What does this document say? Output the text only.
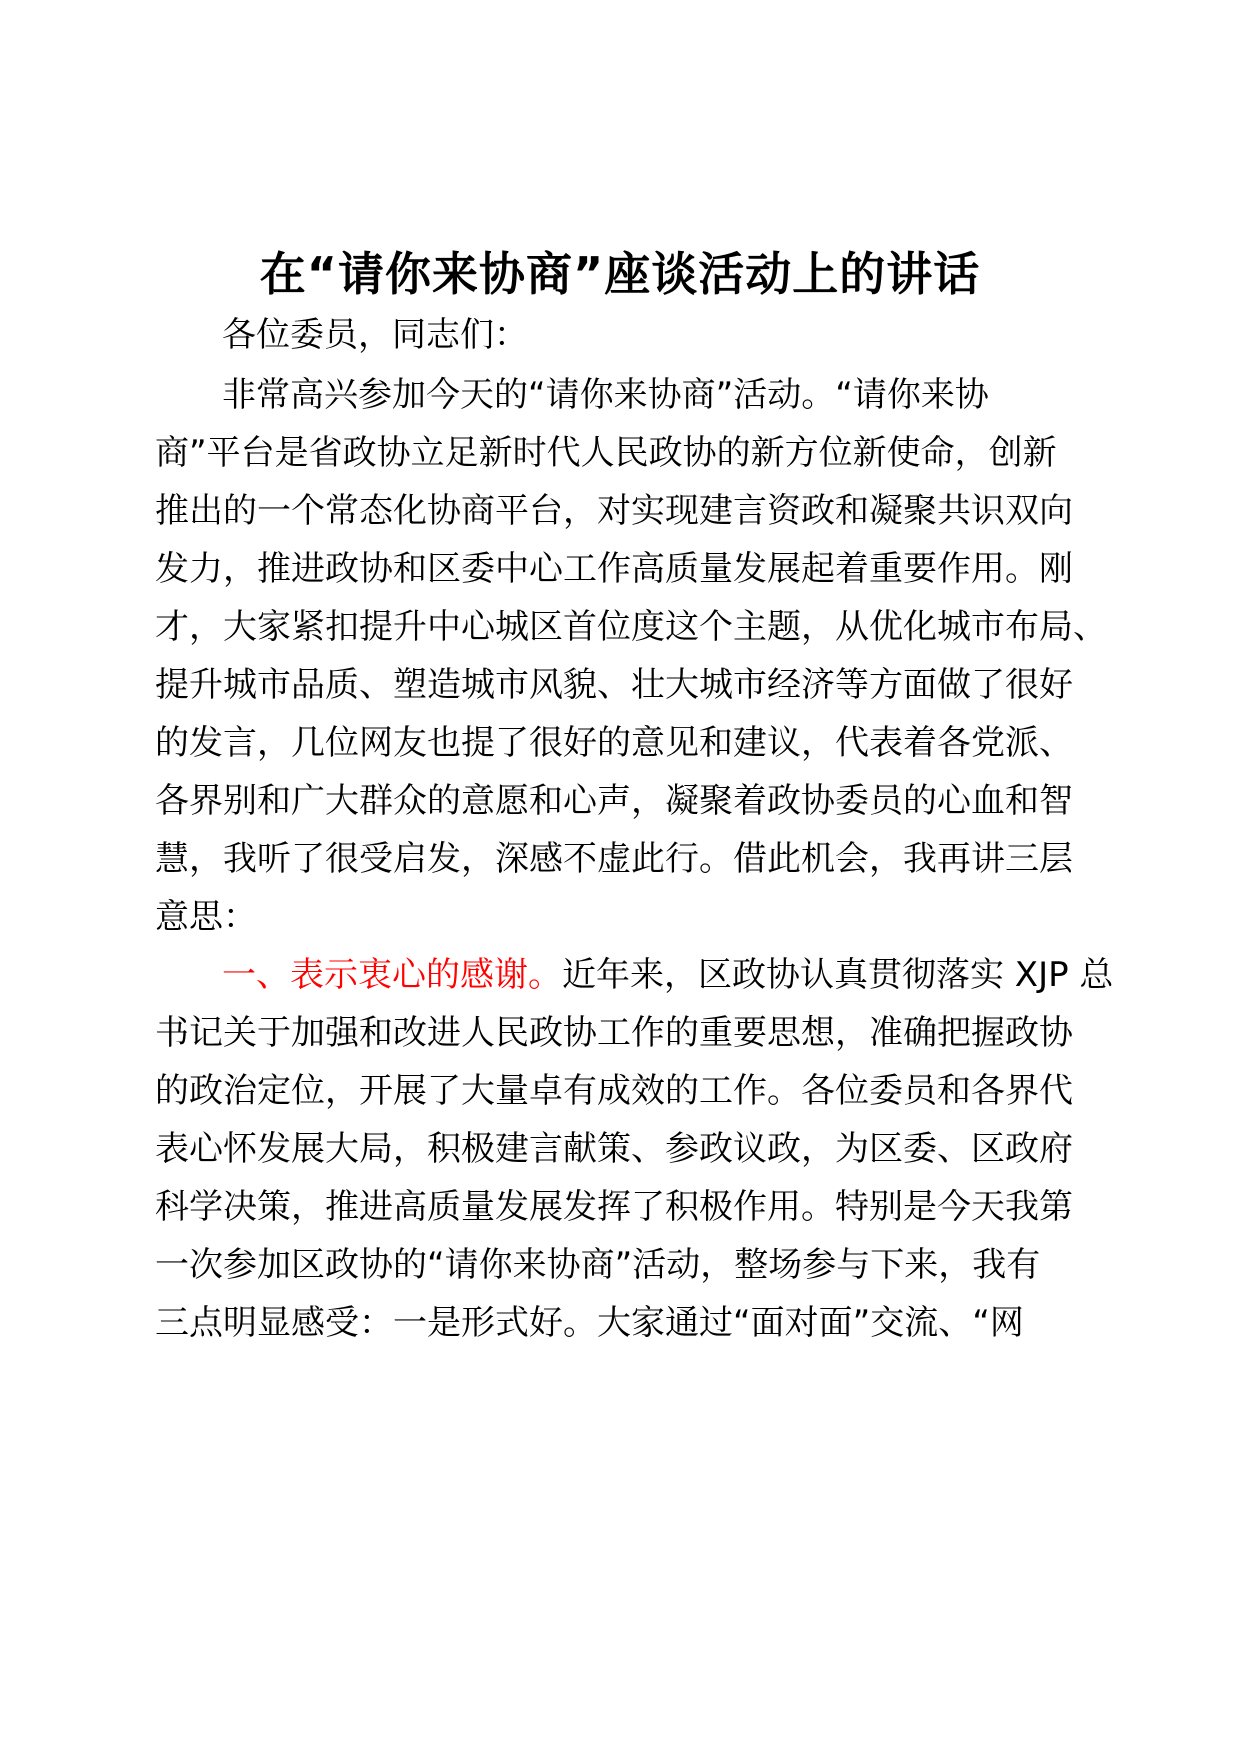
在“请你来协商”座谈活动上的讲话

各位委员，同志们：

非常高兴参加今天的“请你来协商”活动。“请你来协

商”平台是省政协立足新时代人民政协的新方位新使命，创新

推出的一个常态化协商平台，对实现建言资政和凝聚共识双向

发力，推进政协和区委中心工作高质量发展起着重要作用。刚

才，大家紧扣提升中心城区首位度这个主题，从优化城市布局、

提升城市品质、塑造城市风貌、壮大城市经济等方面做了很好

的发言，几位网友也提了很好的意见和建议，代表着各党派、

各界别和广大群众的意愿和心声，凝聚着政协委员的心血和智

慧，我听了很受启发，深感不虚此行。借此机会，我再讲三层

意思：

一、表示衷心的感谢。近年来，区政协认真贯彻落实 XJP 总

书记关于加强和改进人民政协工作的重要思想，准确把握政协

的政治定位，开展了大量卓有成效的工作。各位委员和各界代

表心怀发展大局，积极建言献策、参政议政，为区委、区政府

科学决策，推进高质量发展发挥了积极作用。特别是今天我第

一次参加区政协的“请你来协商”活动，整场参与下来，我有

三点明显感受：一是形式好。大家通过“面对面”交流、“网
